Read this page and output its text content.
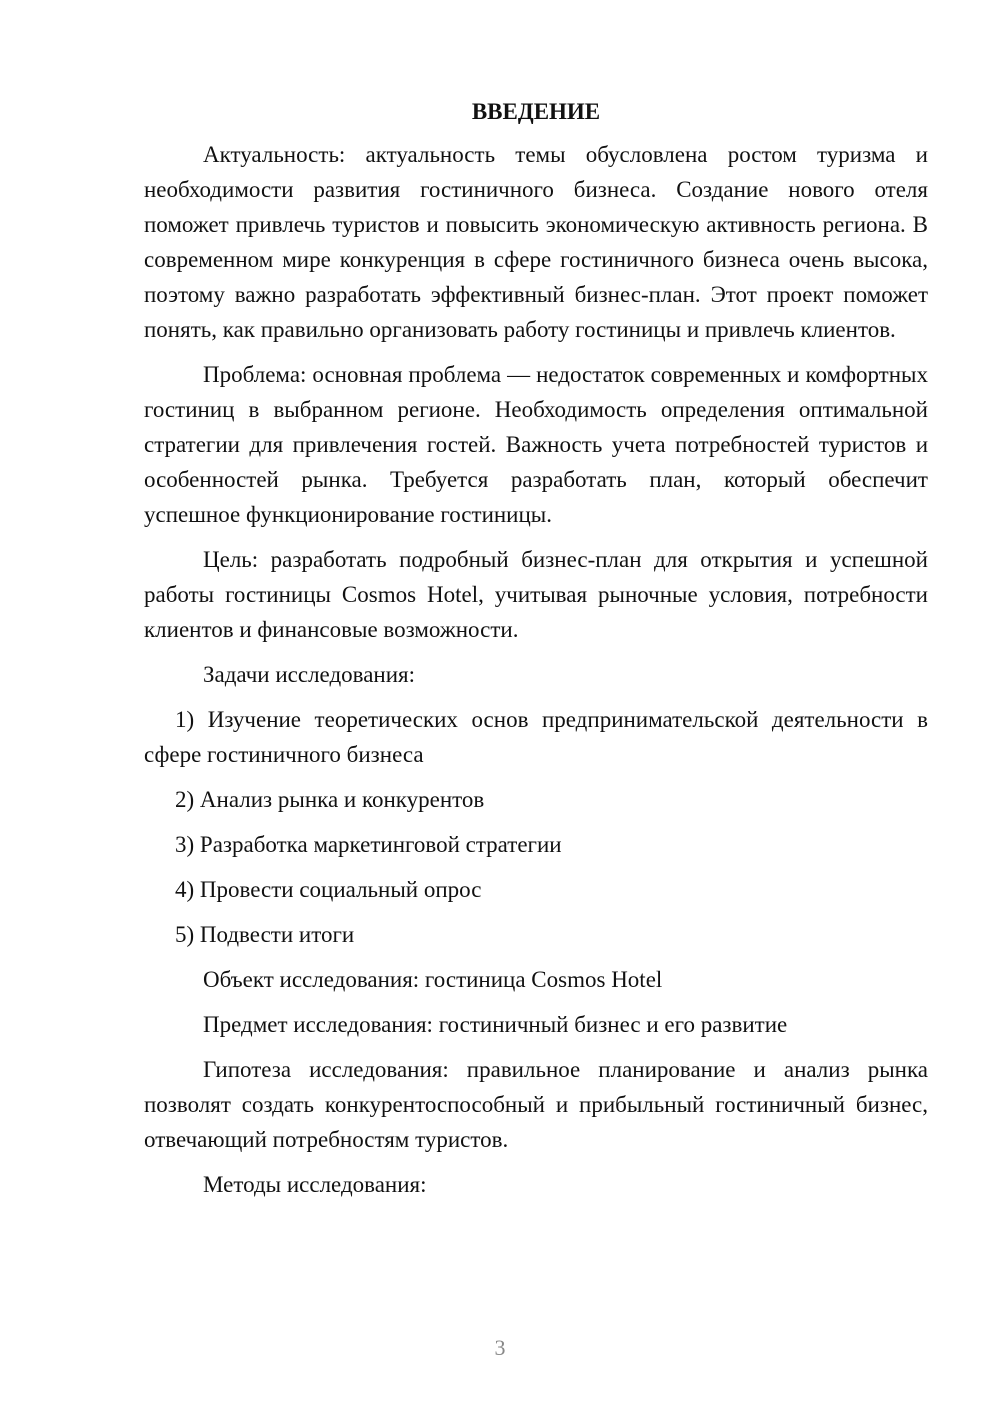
ВВЕДЕНИЕ
Актуальность: актуальность темы обусловлена ростом туризма и необходимости развития гостиничного бизнеса. Создание нового отеля поможет привлечь туристов и повысить экономическую активность региона. В современном мире конкуренция в сфере гостиничного бизнеса очень высока, поэтому важно разработать эффективный бизнес-план. Этот проект поможет понять, как правильно организовать работу гостиницы и привлечь клиентов.
Проблема: основная проблема — недостаток современных и комфортных гостиниц в выбранном регионе. Необходимость определения оптимальной стратегии для привлечения гостей. Важность учета потребностей туристов и особенностей рынка. Требуется разработать план, который обеспечит успешное функционирование гостиницы.
Цель: разработать подробный бизнес-план для открытия и успешной работы гостиницы Cosmos Hotel, учитывая рыночные условия, потребности клиентов и финансовые возможности.
Задачи исследования:
1) Изучение теоретических основ предпринимательской деятельности в сфере гостиничного бизнеса
2) Анализ рынка и конкурентов
3) Разработка маркетинговой стратегии
4) Провести социальный опрос
5) Подвести итоги
Объект исследования: гостиница Cosmos Hotel
Предмет исследования: гостиничный бизнес и его развитие
Гипотеза исследования: правильное планирование и анализ рынка позволят создать конкурентоспособный и прибыльный гостиничный бизнес, отвечающий потребностям туристов.
Методы исследования:
3
